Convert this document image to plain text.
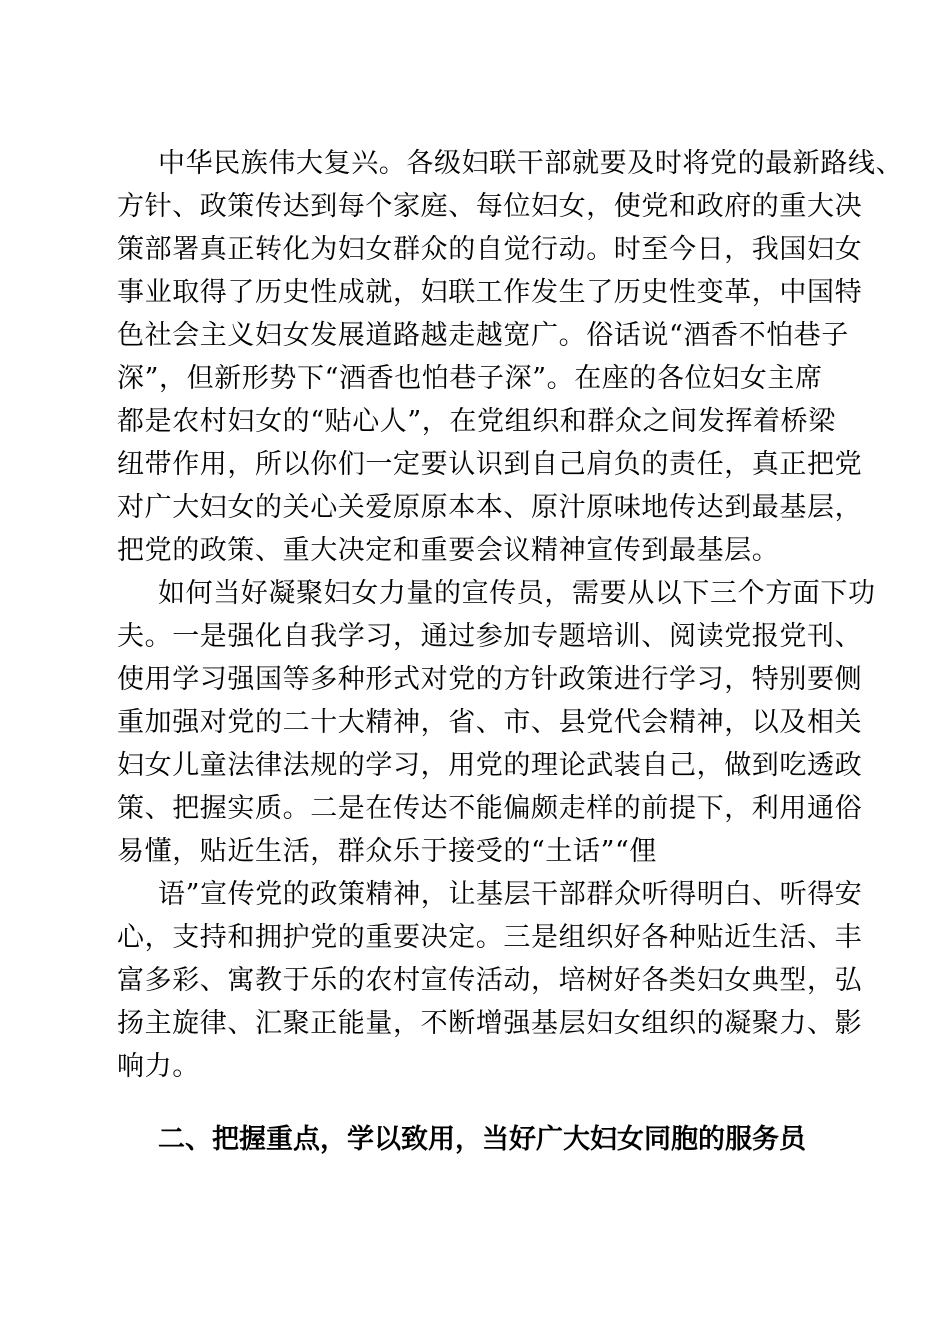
中华民族伟大复兴。各级妇联干部就要及时将党的最新路线、
方针、政策传达到每个家庭、每位妇女，使党和政府的重大决
策部署真正转化为妇女群众的自觉行动。时至今日，我国妇女
事业取得了历史性成就，妇联工作发生了历史性变革，中国特
色社会主义妇女发展道路越走越宽广。俗话说“酒香不怕巷子
深”，但新形势下“酒香也怕巷子深”。在座的各位妇女主席
都是农村妇女的“贴心人”，在党组织和群众之间发挥着桥梁
纽带作用，所以你们一定要认识到自己肩负的责任，真正把党
对广大妇女的关心关爱原原本本、原汁原味地传达到最基层，
把党的政策、重大决定和重要会议精神宣传到最基层。
如何当好凝聚妇女力量的宣传员，需要从以下三个方面下功
夫。一是强化自我学习，通过参加专题培训、阅读党报党刊、
使用学习强国等多种形式对党的方针政策进行学习，特别要侧
重加强对党的二十大精神，省、市、县党代会精神，以及相关
妇女儿童法律法规的学习，用党的理论武装自己，做到吃透政
策、把握实质。二是在传达不能偏颇走样的前提下，利用通俗
易懂，贴近生活，群众乐于接受的“土话”“俚
语”宣传党的政策精神，让基层干部群众听得明白、听得安
心，支持和拥护党的重要决定。三是组织好各种贴近生活、丰
富多彩、寓教于乐的农村宣传活动，培树好各类妇女典型，弘
扬主旋律、汇聚正能量，不断增强基层妇女组织的凝聚力、影
响力。
二、把握重点，学以致用，当好广大妇女同胞的服务员
